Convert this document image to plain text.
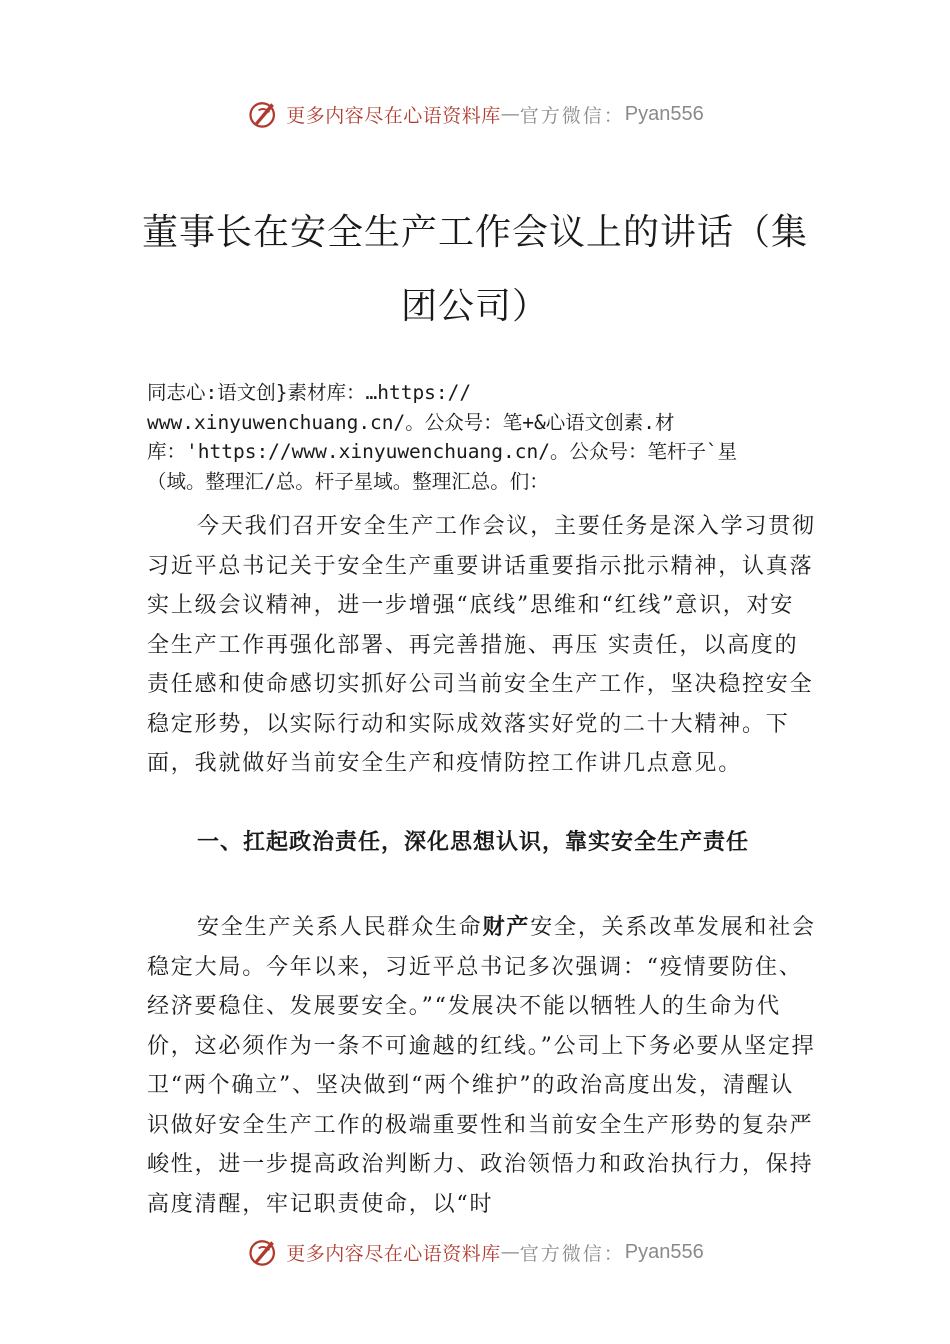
更多内容尽在心语资料库 — 官方微信： Pyan556
董事长在安全生产工作会议上的讲话（集
团公司）
同志心:语文创}素材库：…https://
www.xinyuwenchuang.cn/。公众号：笔+&心语文创素.材
库：'https://www.xinyuwenchuang.cn/。公众号：笔杆子`星
（域。整理汇/总。杆子星域。整理汇总。们：
今天我们召开安全生产工作会议，主要任务是深入学习贯彻习近平总书记关于安全生产重要讲话重要指示批示精神，认真落实上级会议精神，进一步增强“底线”思维和“红线”意识，对安全生产工作再强化部署、再完善措施、再压 实责任，以高度的责任感和使命感切实抓好公司当前安全生产工作，坚决稳控安全稳定形势，以实际行动和实际成效落实好党的二十大精神。下面，我就做好当前安全生产和疫情防控工作讲几点意见。
一、扛起政治责任，深化思想认识，靠实安全生产责任
安全生产关系人民群众生命财产安全，关系改革发展和社会稳定大局。今年以来，习近平总书记多次强调：“疫情要防住、经济要稳住、发展要安全。”“发展决不能以牺牲人的生命为代价，这必须作为一条不可逾越的红线。”公司上下务必要从坚定捍卫“两个确立”、坚决做到“两个维护”的政治高度出发，清醒认识做好安全生产工作的极端重要性和当前安全生产形势的复杂严峻性，进一步提高政治判断力、政治领悟力和政治执行力，保持高度清醒，牢记职责使命，以“时
更多内容尽在心语资料库 — 官方微信： Pyan556
